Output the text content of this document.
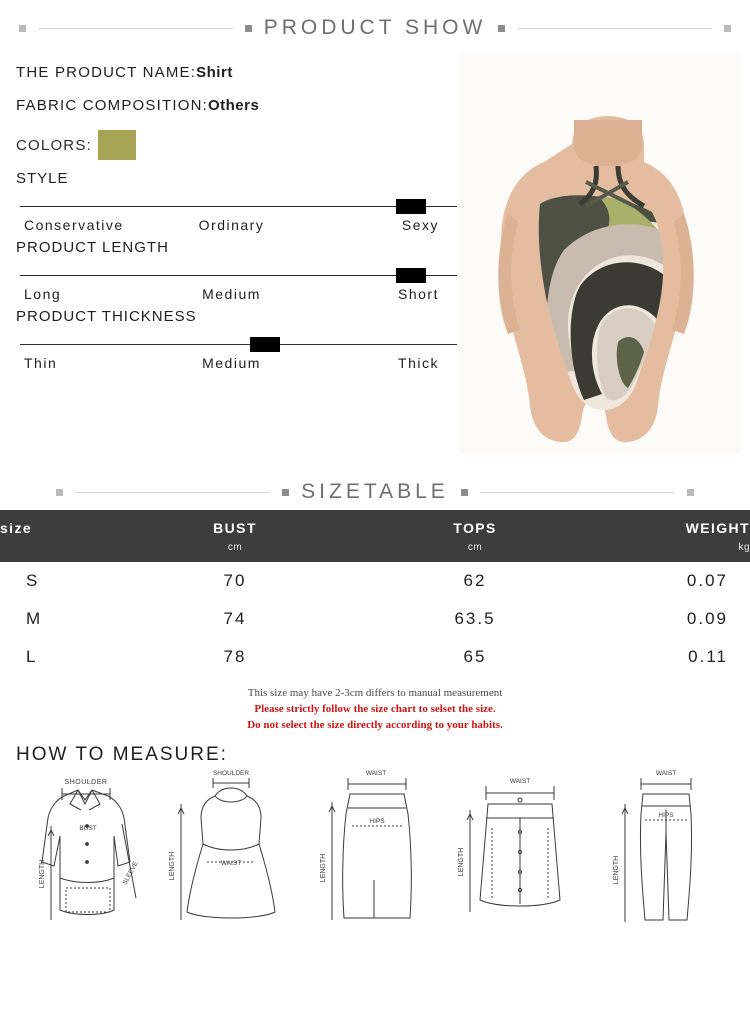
PRODUCT SHOW
THE PRODUCT NAME:Shirt
FABRIC COMPOSITION:Others
COLORS:
STYLE
Conservative	Ordinary	Sexy
PRODUCT LENGTH
Long	Medium	Short
PRODUCT THICKNESS
Thin	Medium	Thick
SIZETABLE
size	BUST	TOPS	WEIGHT
	cm	cm	kg
S	70	62	0.07
M	74	63.5	0.09
L	78	65	0.11
This size may have 2-3cm differs to manual measurement
Please strictly follow the size chart to selset the size.
Do not select the size directly according to your habits.
HOW TO MEASURE:
SHOULDER
BUST
LENGTH	SLEEVE
SHOULDER
WAIST
LENGTH
WAIST
HIPS
LENGTH
WAIST
LENGTH
WAIST
HIPS
LENGTH
